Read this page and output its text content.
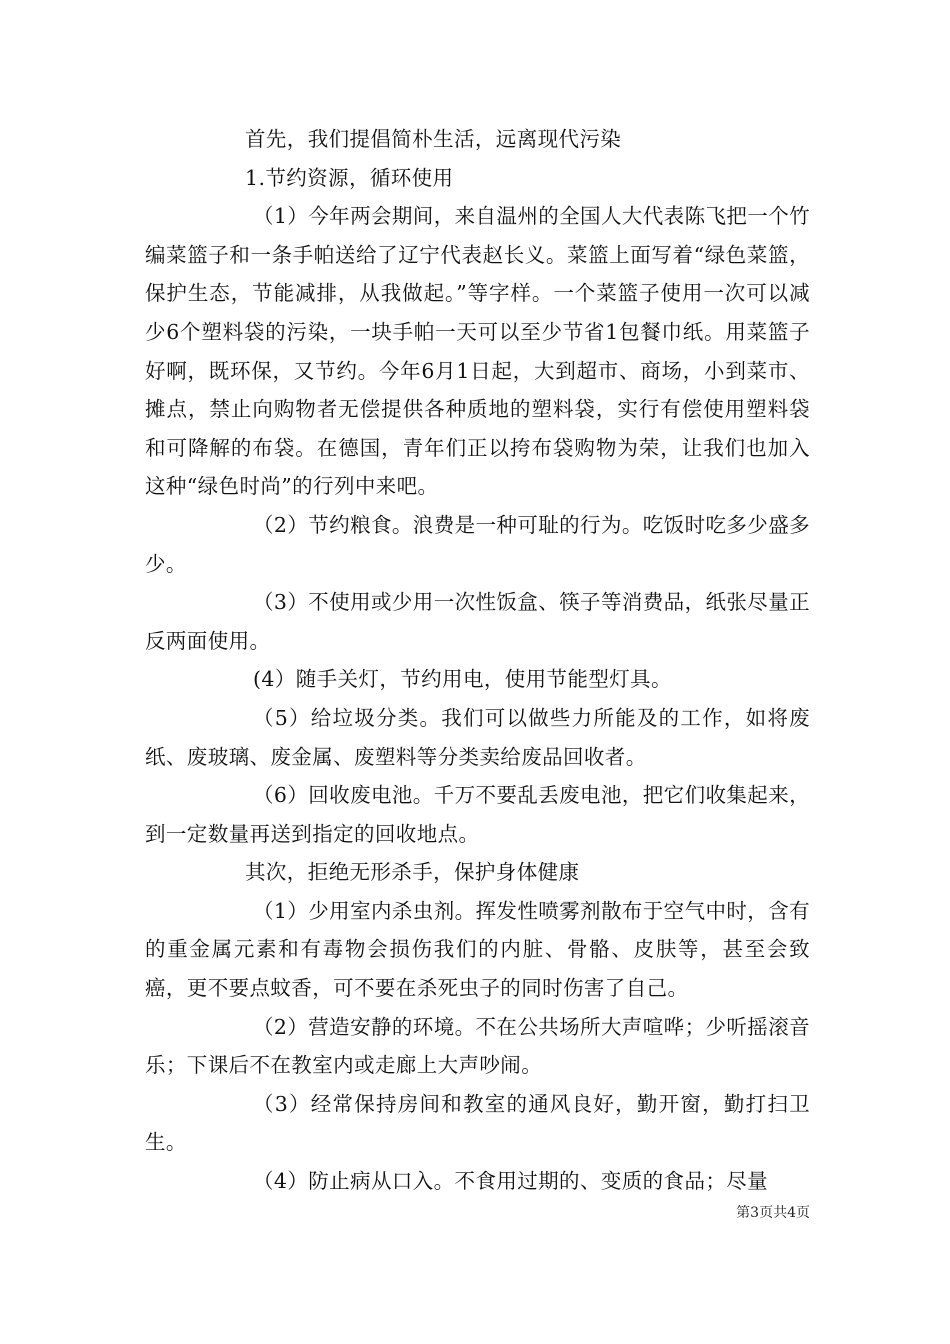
首先，我们提倡简朴生活，远离现代污染

1.节约资源，循环使用

（1）今年两会期间，来自温州的全国人大代表陈飞把一个竹编菜篮子和一条手帕送给了辽宁代表赵长义。菜篮上面写着“绿色菜篮，保护生态，节能减排，从我做起。”等字样。一个菜篮子使用一次可以减少6个塑料袋的污染，一块手帕一天可以至少节省1包餐巾纸。用菜篮子好啊，既环保，又节约。今年6月1日起，大到超市、商场，小到菜市、摊点，禁止向购物者无偿提供各种质地的塑料袋，实行有偿使用塑料袋和可降解的布袋。在德国，青年们正以挎布袋购物为荣，让我们也加入这种“绿色时尚”的行列中来吧。

（2）节约粮食。浪费是一种可耻的行为。吃饭时吃多少盛多少。

（3）不使用或少用一次性饭盒、筷子等消费品，纸张尽量正反两面使用。

(4）随手关灯，节约用电，使用节能型灯具。

（5）给垃圾分类。我们可以做些力所能及的工作，如将废纸、废玻璃、废金属、废塑料等分类卖给废品回收者。

（6）回收废电池。千万不要乱丢废电池，把它们收集起来，到一定数量再送到指定的回收地点。

其次，拒绝无形杀手，保护身体健康

（1）少用室内杀虫剂。挥发性喷雾剂散布于空气中时，含有的重金属元素和有毒物会损伤我们的内脏、骨骼、皮肤等，甚至会致癌，更不要点蚊香，可不要在杀死虫子的同时伤害了自己。

（2）营造安静的环境。不在公共场所大声喧哗；少听摇滚音乐；下课后不在教室内或走廊上大声吵闹。

（3）经常保持房间和教室的通风良好，勤开窗，勤打扫卫生。

（4）防止病从口入。不食用过期的、变质的食品；尽量

第3页共4页
